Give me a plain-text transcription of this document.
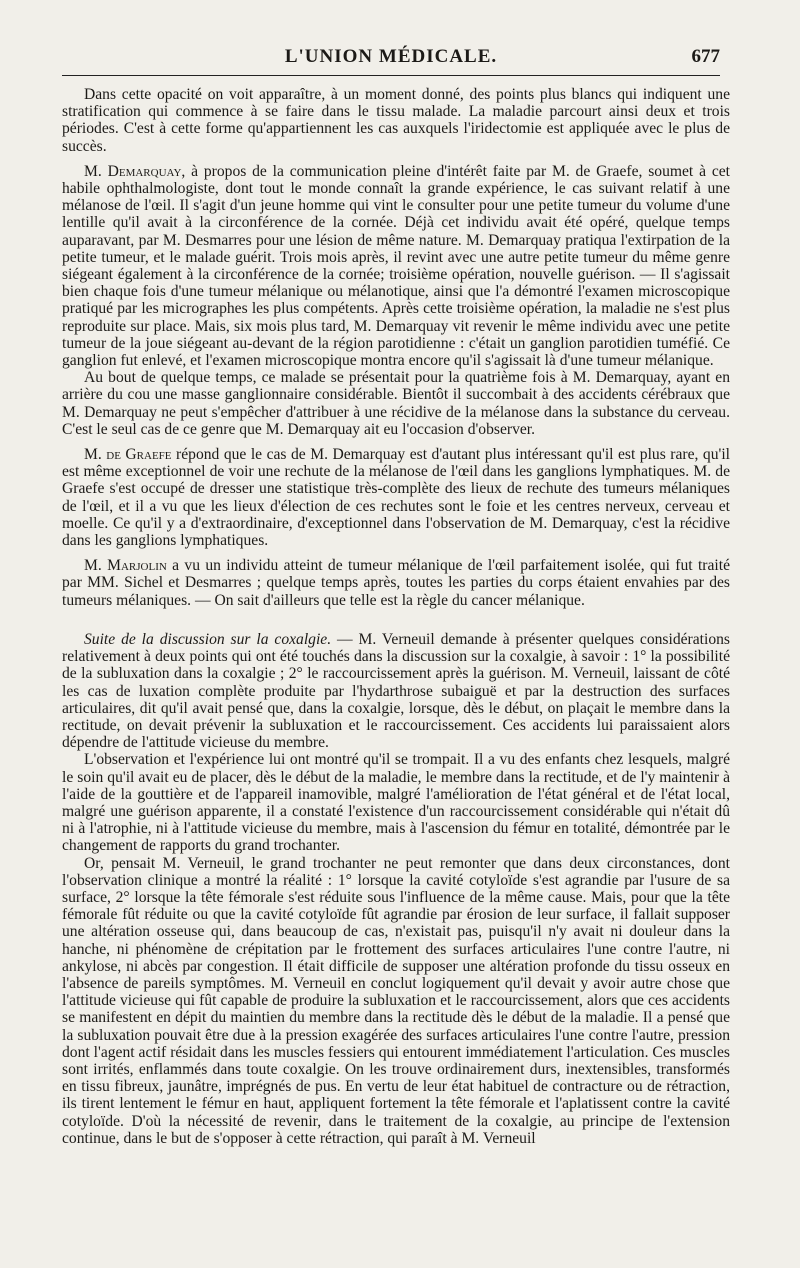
L'UNION MÉDICALE.	677

Dans cette opacité on voit apparaître, à un moment donné, des points plus blancs qui indiquent une stratification qui commence à se faire dans le tissu malade. La maladie parcourt ainsi deux et trois périodes. C'est à cette forme qu'appartiennent les cas auxquels l'iridectomie est appliquée avec le plus de succès.

M. Demarquay, à propos de la communication pleine d'intérêt faite par M. de Graefe, soumet à cet habile ophthalmologiste, dont tout le monde connaît la grande expérience, le cas suivant relatif à une mélanose de l'œil. Il s'agit d'un jeune homme qui vint le consulter pour une petite tumeur du volume d'une lentille qu'il avait à la circonférence de la cornée. Déjà cet individu avait été opéré, quelque temps auparavant, par M. Desmarres pour une lésion de même nature. M. Demarquay pratiqua l'extirpation de la petite tumeur, et le malade guérit. Trois mois après, il revint avec une autre petite tumeur du même genre siégeant également à la circonférence de la cornée; troisième opération, nouvelle guérison. — Il s'agissait bien chaque fois d'une tumeur mélanique ou mélanotique, ainsi que l'a démontré l'examen microscopique pratiqué par les micrographes les plus compétents. Après cette troisième opération, la maladie ne s'est plus reproduite sur place. Mais, six mois plus tard, M. Demarquay vit revenir le même individu avec une petite tumeur de la joue siégeant au-devant de la région parotidienne : c'était un ganglion parotidien tuméfié. Ce ganglion fut enlevé, et l'examen microscopique montra encore qu'il s'agissait là d'une tumeur mélanique.

Au bout de quelque temps, ce malade se présentait pour la quatrième fois à M. Demarquay, ayant en arrière du cou une masse ganglionnaire considérable. Bientôt il succombait à des accidents cérébraux que M. Demarquay ne peut s'empêcher d'attribuer à une récidive de la mélanose dans la substance du cerveau. C'est le seul cas de ce genre que M. Demarquay ait eu l'occasion d'observer.

M. de Graefe répond que le cas de M. Demarquay est d'autant plus intéressant qu'il est plus rare, qu'il est même exceptionnel de voir une rechute de la mélanose de l'œil dans les ganglions lymphatiques. M. de Graefe s'est occupé de dresser une statistique très-complète des lieux de rechute des tumeurs mélaniques de l'œil, et il a vu que les lieux d'élection de ces rechutes sont le foie et les centres nerveux, cerveau et moelle. Ce qu'il y a d'extraordinaire, d'exceptionnel dans l'observation de M. Demarquay, c'est la récidive dans les ganglions lymphatiques.

M. Marjolin a vu un individu atteint de tumeur mélanique de l'œil parfaitement isolée, qui fut traité par MM. Sichel et Desmarres ; quelque temps après, toutes les parties du corps étaient envahies par des tumeurs mélaniques. — On sait d'ailleurs que telle est la règle du cancer mélanique.

Suite de la discussion sur la coxalgie. — M. Verneuil demande à présenter quelques considérations relativement à deux points qui ont été touchés dans la discussion sur la coxalgie, à savoir : 1° la possibilité de la subluxation dans la coxalgie ; 2° le raccourcissement après la guérison. M. Verneuil, laissant de côté les cas de luxation complète produite par l'hydarthrose subaiguë et par la destruction des surfaces articulaires, dit qu'il avait pensé que, dans la coxalgie, lorsque, dès le début, on plaçait le membre dans la rectitude, on devait prévenir la subluxation et le raccourcissement. Ces accidents lui paraissaient alors dépendre de l'attitude vicieuse du membre.

L'observation et l'expérience lui ont montré qu'il se trompait. Il a vu des enfants chez lesquels, malgré le soin qu'il avait eu de placer, dès le début de la maladie, le membre dans la rectitude, et de l'y maintenir à l'aide de la gouttière et de l'appareil inamovible, malgré l'amélioration de l'état général et de l'état local, malgré une guérison apparente, il a constaté l'existence d'un raccourcissement considérable qui n'était dû ni à l'atrophie, ni à l'attitude vicieuse du membre, mais à l'ascension du fémur en totalité, démontrée par le changement de rapports du grand trochanter.

Or, pensait M. Verneuil, le grand trochanter ne peut remonter que dans deux circonstances, dont l'observation clinique a montré la réalité : 1° lorsque la cavité cotyloïde s'est agrandie par l'usure de sa surface, 2° lorsque la tête fémorale s'est réduite sous l'influence de la même cause. Mais, pour que la tête fémorale fût réduite ou que la cavité cotyloïde fût agrandie par érosion de leur surface, il fallait supposer une altération osseuse qui, dans beaucoup de cas, n'existait pas, puisqu'il n'y avait ni douleur dans la hanche, ni phénomène de crépitation par le frottement des surfaces articulaires l'une contre l'autre, ni ankylose, ni abcès par congestion. Il était difficile de supposer une altération profonde du tissu osseux en l'absence de pareils symptômes. M. Verneuil en conclut logiquement qu'il devait y avoir autre chose que l'attitude vicieuse qui fût capable de produire la subluxation et le raccourcissement, alors que ces accidents se manifestent en dépit du maintien du membre dans la rectitude dès le début de la maladie. Il a pensé que la subluxation pouvait être due à la pression exagérée des surfaces articulaires l'une contre l'autre, pression dont l'agent actif résidait dans les muscles fessiers qui entourent immédiatement l'articulation. Ces muscles sont irrités, enflammés dans toute coxalgie. On les trouve ordinairement durs, inextensibles, transformés en tissu fibreux, jaunâtre, imprégnés de pus. En vertu de leur état habituel de contracture ou de rétraction, ils tirent lentement le fémur en haut, appliquent fortement la tête fémorale et l'aplatissent contre la cavité cotyloïde. D'où la nécessité de revenir, dans le traitement de la coxalgie, au principe de l'extension continue, dans le but de s'opposer à cette rétraction, qui paraît à M. Verneuil
